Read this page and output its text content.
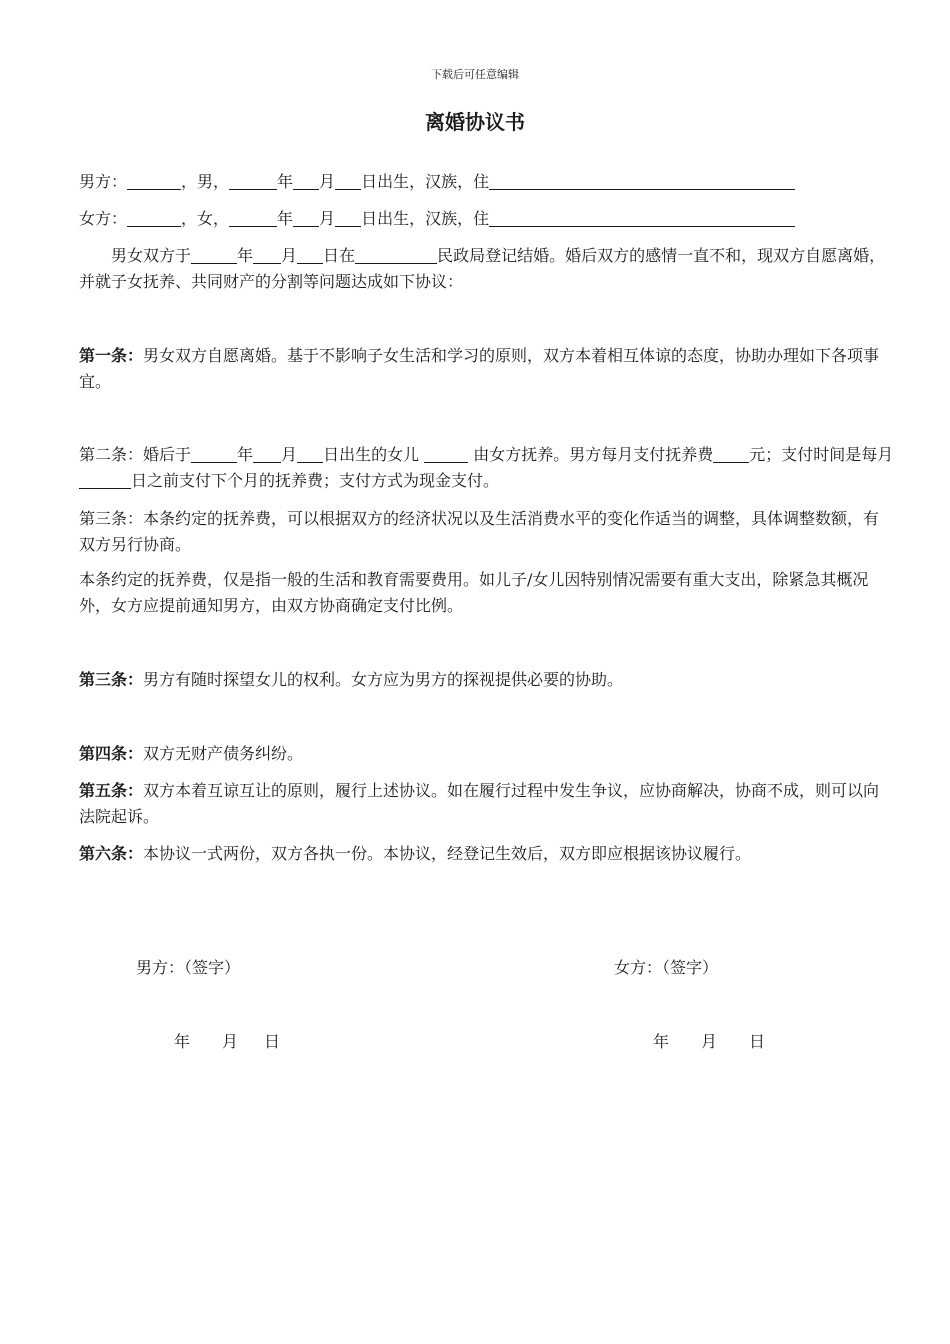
下载后可任意编辑
离婚协议书
男方：	，男，	年 月 日出生，汉族，住
女方：	，女，	年 月 日出生，汉族，住
男女双方于	年 月 日在	民政局登记结婚。婚后双方的感情一直不和，现双方自愿离婚，并就子女抚养、共同财产的分割等问题达成如下协议：
第一条：男女双方自愿离婚。基于不影响子女生活和学习的原则，双方本着相互体谅的态度，协助办理如下各项事宜。
第二条：婚后于	年 月 日出生的女儿	由女方抚养。男方每月支付抚养费 元；支付时间是每月日之前支付下个月的抚养费；支付方式为现金支付。
第三条：本条约定的抚养费，可以根据双方的经济状况以及生活消费水平的变化作适当的调整，具体调整数额，有双方另行协商。
本条约定的抚养费，仅是指一般的生活和教育需要费用。如儿子/女儿因特别情况需要有重大支出，除紧急其概况外，女方应提前通知男方，由双方协商确定支付比例。
第三条：男方有随时探望女儿的权利。女方应为男方的探视提供必要的协助。
第四条：双方无财产债务纠纷。
第五条：双方本着互谅互让的原则，履行上述协议。如在履行过程中发生争议，应协商解决，协商不成，则可以向法院起诉。
第六条：本协议一式两份，双方各执一份。本协议，经登记生效后，双方即应根据该协议履行。
男方：（签字）	女方：（签字）
年 月 日	年 月 日
